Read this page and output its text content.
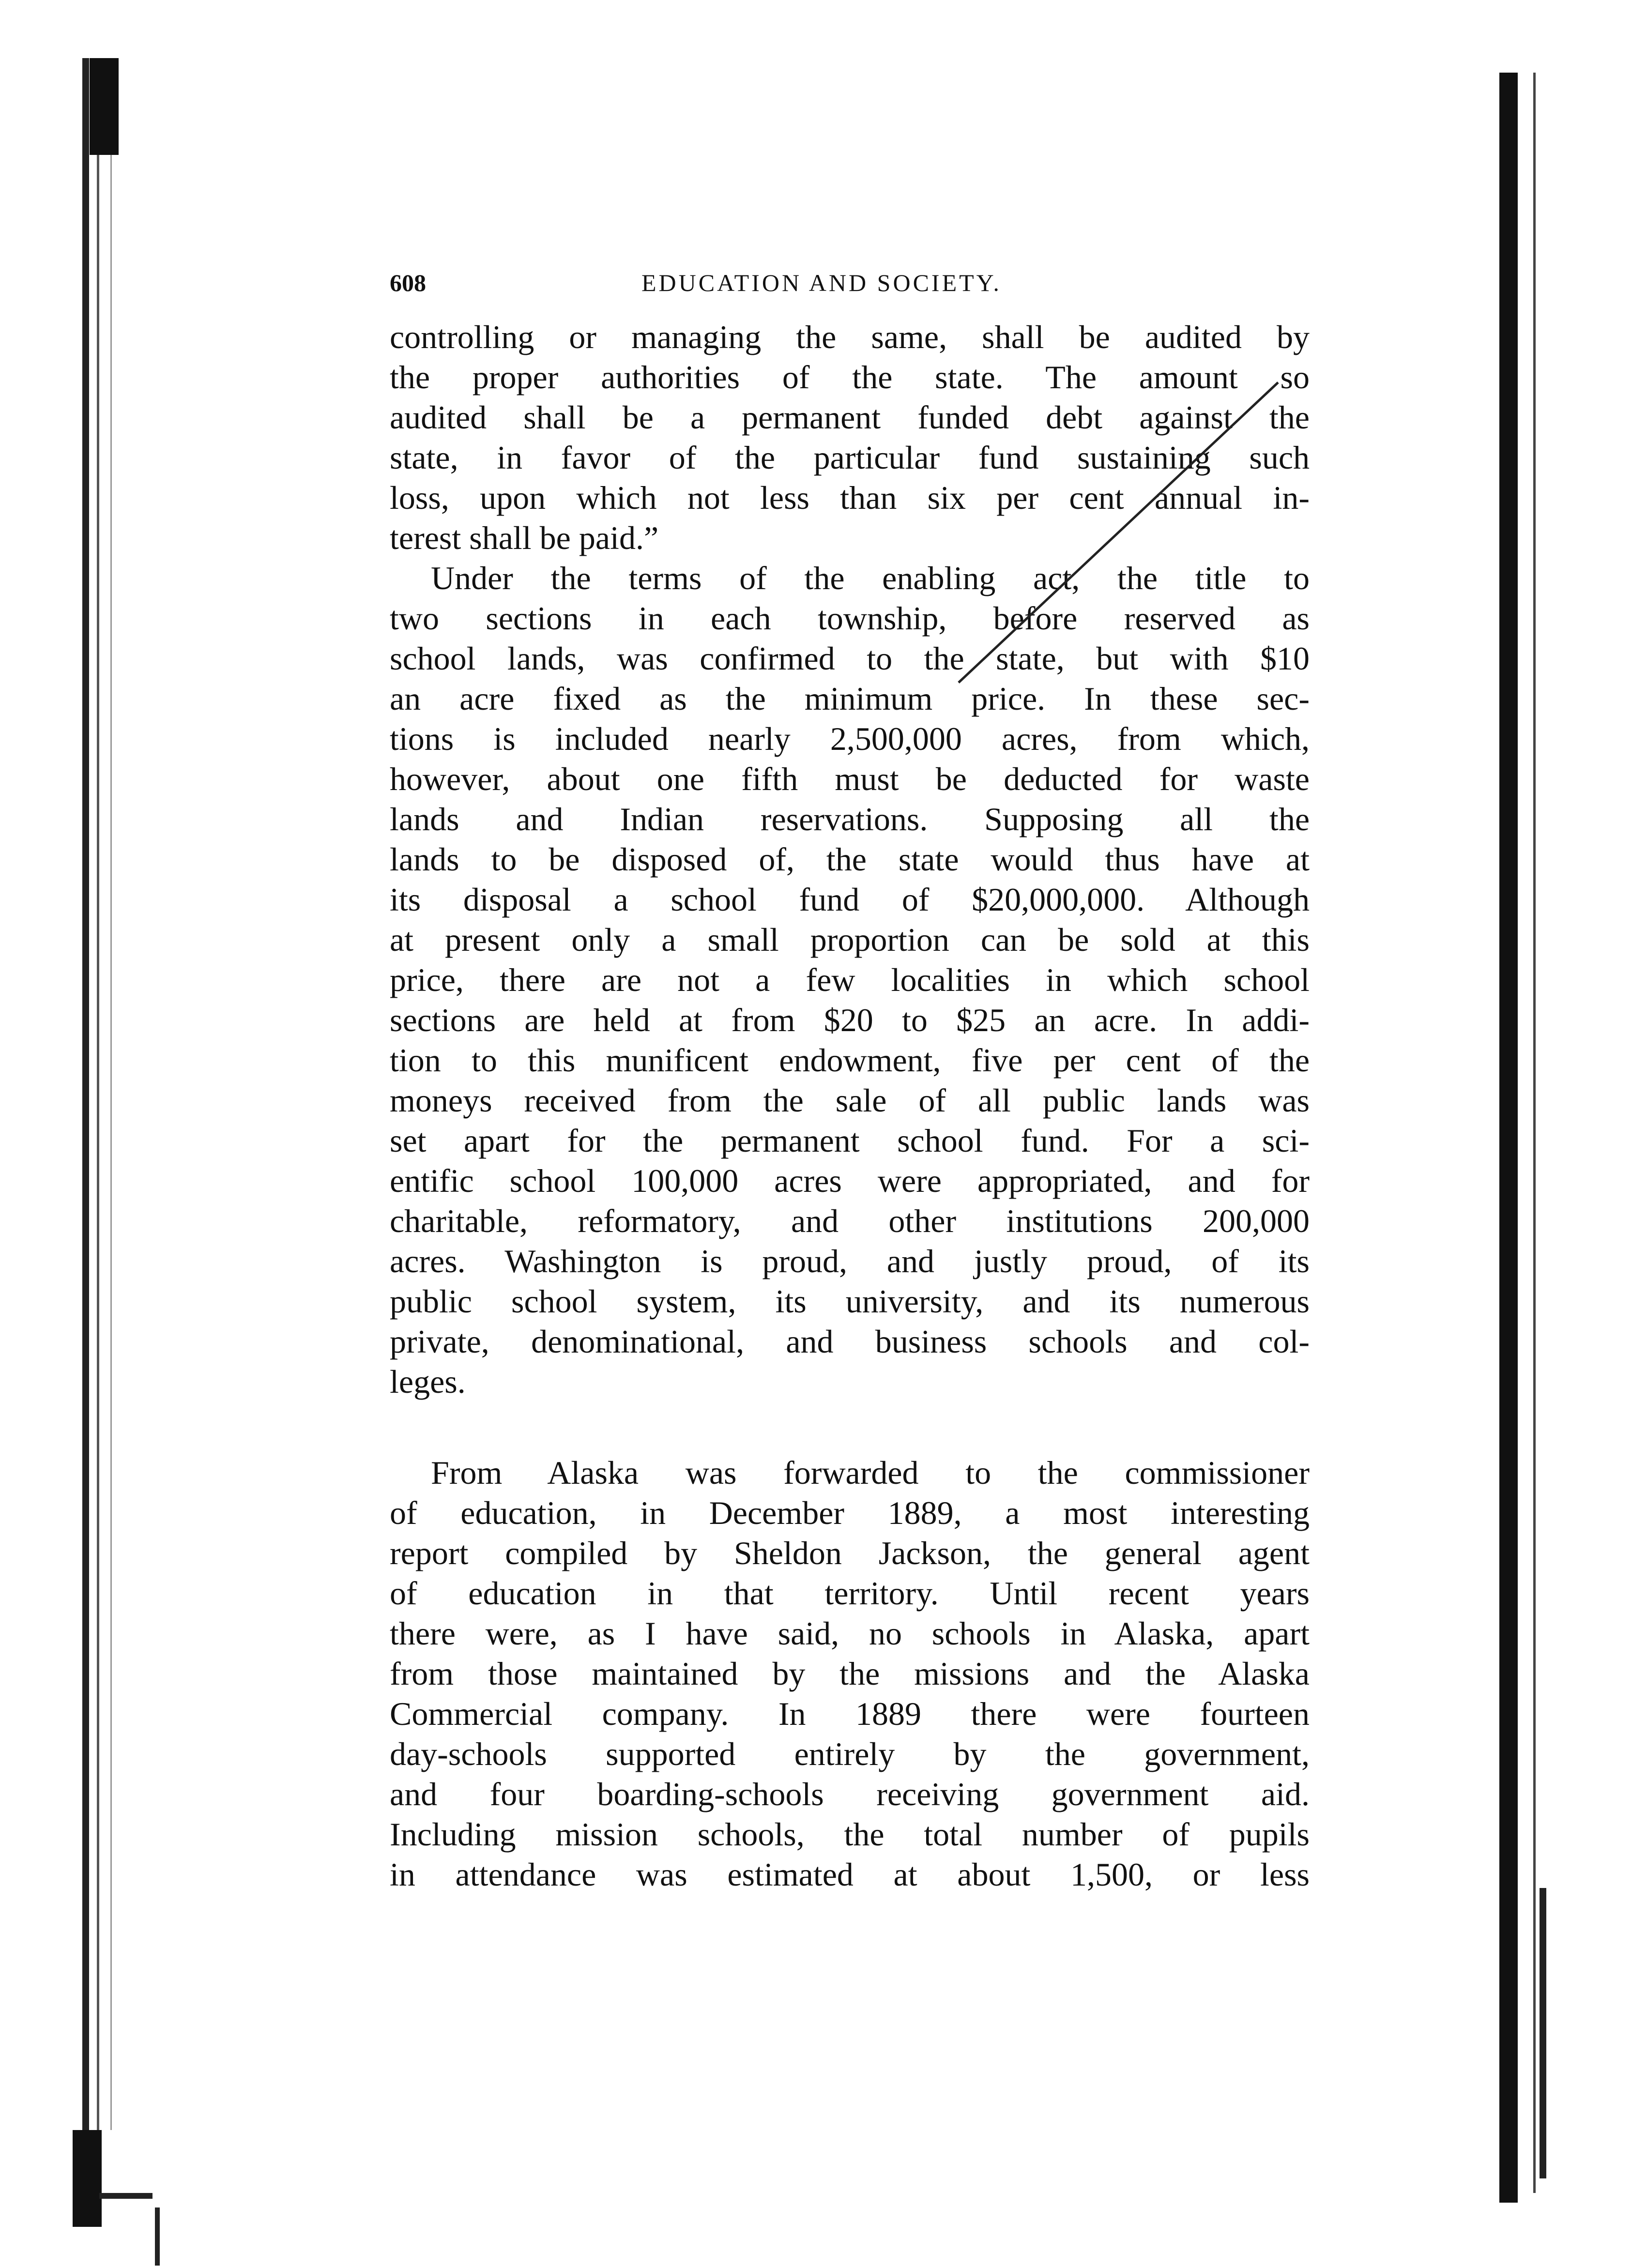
608	EDUCATION AND SOCIETY.

controlling or managing the same, shall be audited by
the proper authorities of the state. The amount so
audited shall be a permanent funded debt against the
state, in favor of the particular fund sustaining such
loss, upon which not less than six per cent annual in-
terest shall be paid.”

Under the terms of the enabling act, the title to
two sections in each township, before reserved as
school lands, was confirmed to the state, but with $10
an acre fixed as the minimum price. In these sec-
tions is included nearly 2,500,000 acres, from which,
however, about one fifth must be deducted for waste
lands and Indian reservations. Supposing all the
lands to be disposed of, the state would thus have at
its disposal a school fund of $20,000,000. Although
at present only a small proportion can be sold at this
price, there are not a few localities in which school
sections are held at from $20 to $25 an acre. In addi-
tion to this munificent endowment, five per cent of the
moneys received from the sale of all public lands was
set apart for the permanent school fund. For a sci-
entific school 100,000 acres were appropriated, and for
charitable, reformatory, and other institutions 200,000
acres. Washington is proud, and justly proud, of its
public school system, its university, and its numerous
private, denominational, and business schools and col-
leges.

From Alaska was forwarded to the commissioner
of education, in December 1889, a most interesting
report compiled by Sheldon Jackson, the general agent
of education in that territory. Until recent years
there were, as I have said, no schools in Alaska, apart
from those maintained by the missions and the Alaska
Commercial company. In 1889 there were fourteen
day-schools supported entirely by the government,
and four boarding-schools receiving government aid.
Including mission schools, the total number of pupils
in attendance was estimated at about 1,500, or less
